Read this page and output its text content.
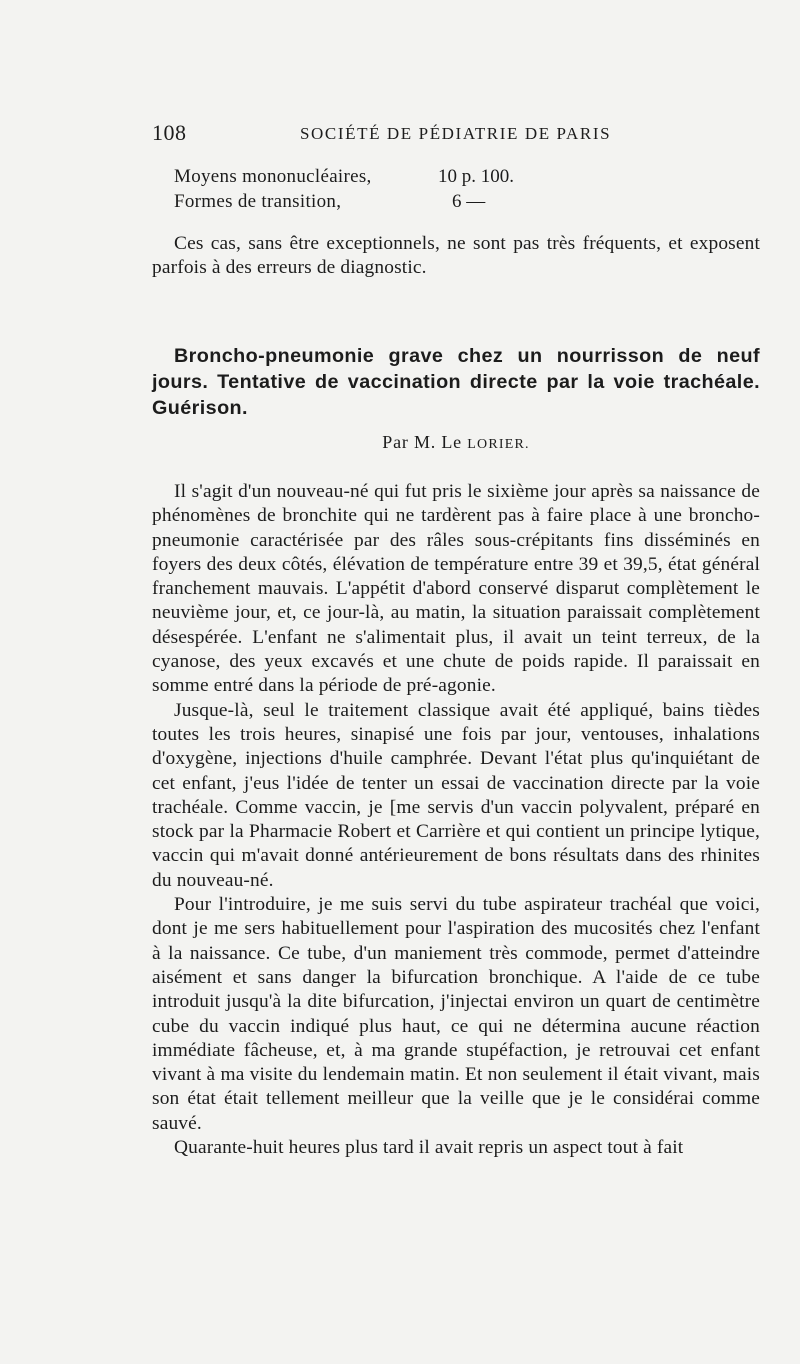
108	SOCIÉTÉ DE PÉDIATRIE DE PARIS
Moyens mononucléaires,	10 p. 100.
Formes de transition,	6 —
Ces cas, sans être exceptionnels, ne sont pas très fréquents, et exposent parfois à des erreurs de diagnostic.
Broncho-pneumonie grave chez un nourrisson de neuf jours. Tentative de vaccination directe par la voie trachéale. Guérison.
Par M. Le LORIER.

Il s'agit d'un nouveau-né qui fut pris le sixième jour après sa naissance de phénomènes de bronchite qui ne tardèrent pas à faire place à une broncho-pneumonie caractérisée par des râles sous-crépitants fins disséminés en foyers des deux côtés, élévation de température entre 39 et 39,5, état général franchement mauvais. L'appétit d'abord conservé disparut complètement le neuvième jour, et, ce jour-là, au matin, la situation paraissait complètement désespérée. L'enfant ne s'alimentait plus, il avait un teint terreux, de la cyanose, des yeux excavés et une chute de poids rapide. Il paraissait en somme entré dans la période de pré-agonie.

Jusque-là, seul le traitement classique avait été appliqué, bains tièdes toutes les trois heures, sinapisé une fois par jour, ventouses, inhalations d'oxygène, injections d'huile camphrée. Devant l'état plus qu'inquiétant de cet enfant, j'eus l'idée de tenter un essai de vaccination directe par la voie trachéale. Comme vaccin, je [me servis d'un vaccin polyvalent, préparé en stock par la Pharmacie Robert et Carrière et qui contient un principe lytique, vaccin qui m'avait donné antérieurement de bons résultats dans des rhinites du nouveau-né.

Pour l'introduire, je me suis servi du tube aspirateur trachéal que voici, dont je me sers habituellement pour l'aspiration des mucosités chez l'enfant à la naissance. Ce tube, d'un maniement très commode, permet d'atteindre aisément et sans danger la bifurcation bronchique. A l'aide de ce tube introduit jusqu'à la dite bifurcation, j'injectai environ un quart de centimètre cube du vaccin indiqué plus haut, ce qui ne détermina aucune réaction immédiate fâcheuse, et, à ma grande stupéfaction, je retrouvai cet enfant vivant à ma visite du lendemain matin. Et non seulement il était vivant, mais son état était tellement meilleur que la veille que je le considérai comme sauvé.

Quarante-huit heures plus tard il avait repris un aspect tout à fait
